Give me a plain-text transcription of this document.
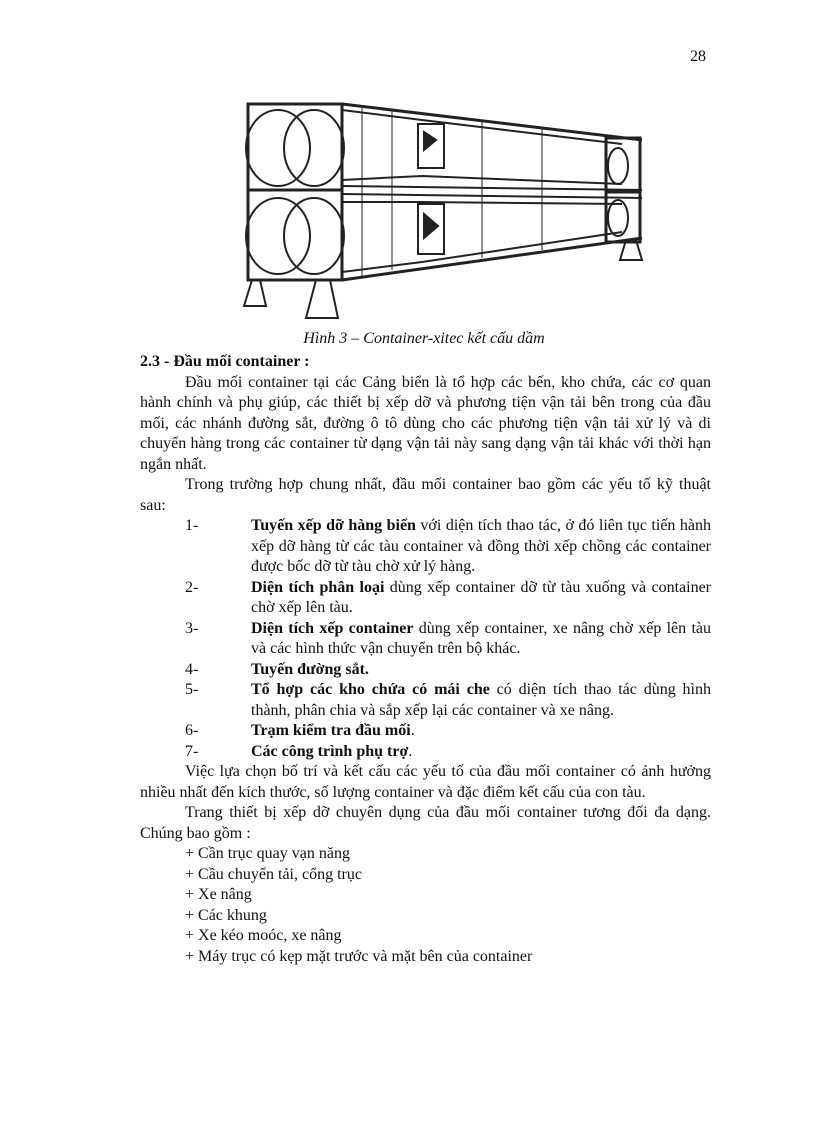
28
Hình 3 – Container-xitec kết cấu dầm
2.3 - Đầu mối container :

Đầu mối container tại các Cảng biển là tổ hợp các bến, kho chứa, các cơ quan hành chính và phụ giúp, các thiết bị xếp dỡ và phương tiện vận tải bên trong của đầu mối, các nhánh đường sắt, đường ô tô dùng cho các phương tiện vận tải xử lý và di chuyển hàng trong các container từ dạng vận tải này sang dạng vận tải khác với thời hạn ngắn nhất.

Trong trường hợp chung nhất, đầu mối container bao gồm các yếu tố kỹ thuật sau:

1-	Tuyến xếp dỡ hàng biển với diện tích thao tác, ở đó liên tục tiến hành xếp dỡ hàng từ các tàu container và đồng thời xếp chồng các container được bốc dỡ từ tàu chờ xử lý hàng.
2-	Diện tích phân loại dùng xếp container dỡ từ tàu xuống và container chờ xếp lên tàu.
3-	Diện tích xếp container dùng xếp container, xe nâng chờ xếp lên tàu và các hình thức vận chuyển trên bộ khác.
4-	Tuyến đường sắt.
5-	Tổ hợp các kho chứa có mái che có diện tích thao tác dùng hình thành, phân chia và sắp xếp lại các container và xe nâng.
6-	Trạm kiểm tra đầu mối.
7-	Các công trình phụ trợ.

Việc lựa chọn bố trí và kết cấu các yếu tố của đầu mối container có ảnh hưởng nhiều nhất đến kích thước, số lượng container và đặc điểm kết cấu của con tàu.

Trang thiết bị xếp dỡ chuyên dụng của đầu mối container tương đối đa dạng. Chúng bao gồm :

+ Cần trục quay vạn năng
+ Cầu chuyển tải, cổng trục
+ Xe nâng
+ Các khung
+ Xe kéo moóc, xe nâng
+ Máy trục có kẹp mặt trước và mặt bên của container
